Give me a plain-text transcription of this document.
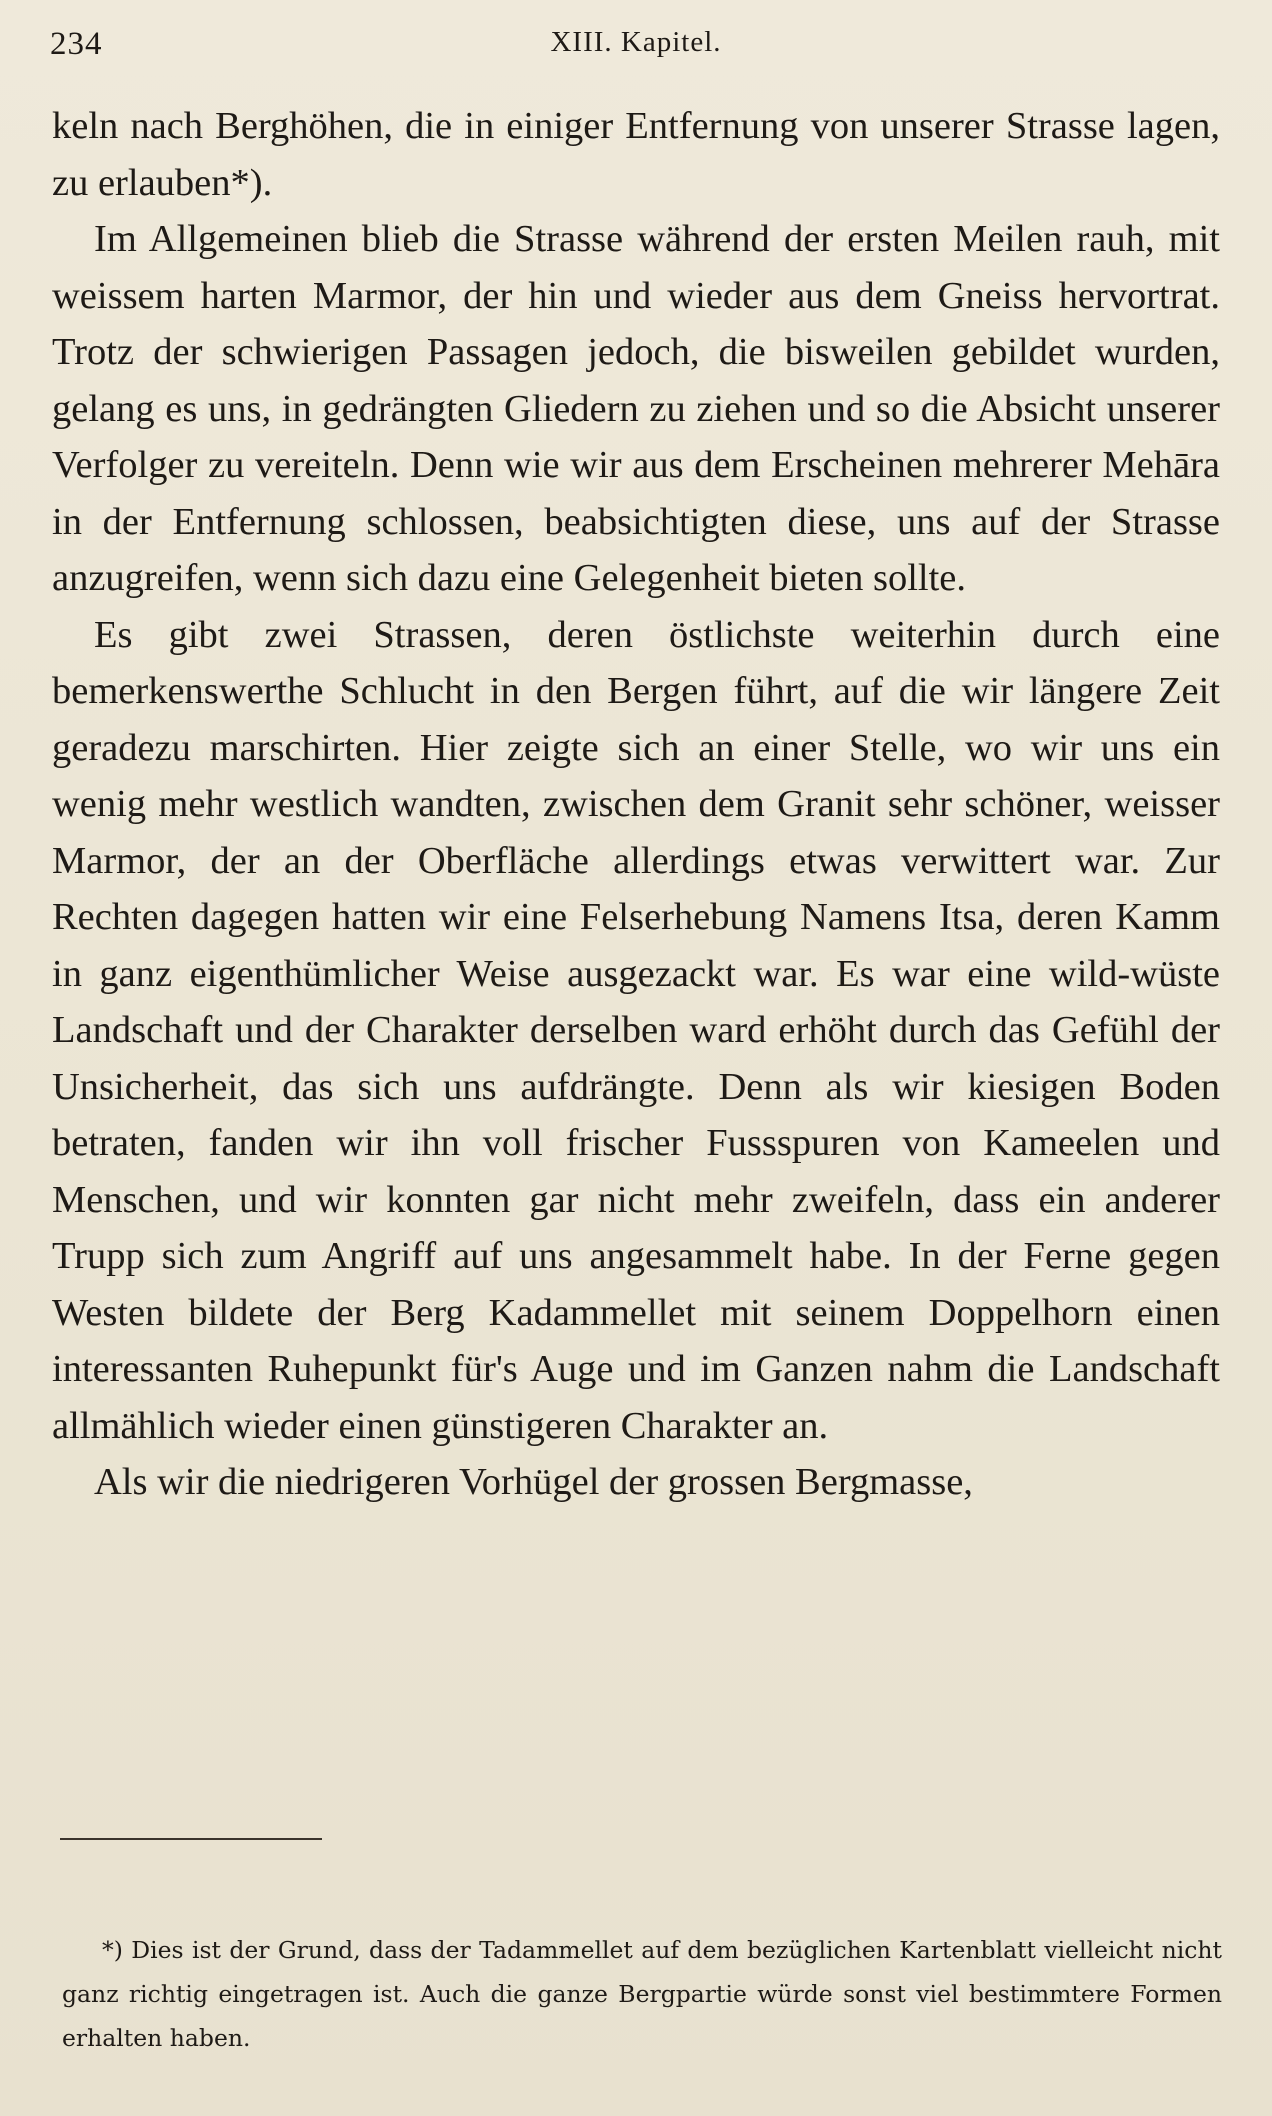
234	XIII. Kapitel.

keln nach Berghöhen, die in einiger Entfernung von unserer Strasse lagen, zu erlauben*).

Im Allgemeinen blieb die Strasse während der ersten Meilen rauh, mit weissem harten Marmor, der hin und wieder aus dem Gneiss hervortrat. Trotz der schwierigen Passagen jedoch, die bisweilen gebildet wurden, gelang es uns, in gedrängten Gliedern zu ziehen und so die Absicht unserer Verfolger zu vereiteln. Denn wie wir aus dem Erscheinen mehrerer Mehāra in der Entfernung schlossen, beabsichtigten diese, uns auf der Strasse anzugreifen, wenn sich dazu eine Gelegenheit bieten sollte.

Es gibt zwei Strassen, deren östlichste weiterhin durch eine bemerkenswerthe Schlucht in den Bergen führt, auf die wir längere Zeit geradezu marschirten. Hier zeigte sich an einer Stelle, wo wir uns ein wenig mehr westlich wandten, zwischen dem Granit sehr schöner, weisser Marmor, der an der Oberfläche allerdings etwas verwittert war. Zur Rechten dagegen hatten wir eine Felserhebung Namens Itsa, deren Kamm in ganz eigenthümlicher Weise ausgezackt war. Es war eine wild-wüste Landschaft und der Charakter derselben ward erhöht durch das Gefühl der Unsicherheit, das sich uns aufdrängte. Denn als wir kiesigen Boden betraten, fanden wir ihn voll frischer Fussspuren von Kameelen und Menschen, und wir konnten gar nicht mehr zweifeln, dass ein anderer Trupp sich zum Angriff auf uns angesammelt habe. In der Ferne gegen Westen bildete der Berg Kadammellet mit seinem Doppelhorn einen interessanten Ruhepunkt für's Auge und im Ganzen nahm die Landschaft allmählich wieder einen günstigeren Charakter an.

Als wir die niedrigeren Vorhügel der grossen Bergmasse,

*) Dies ist der Grund, dass der Tadammellet auf dem bezüglichen Kartenblatt vielleicht nicht ganz richtig eingetragen ist. Auch die ganze Bergpartie würde sonst viel bestimmtere Formen erhalten haben.
